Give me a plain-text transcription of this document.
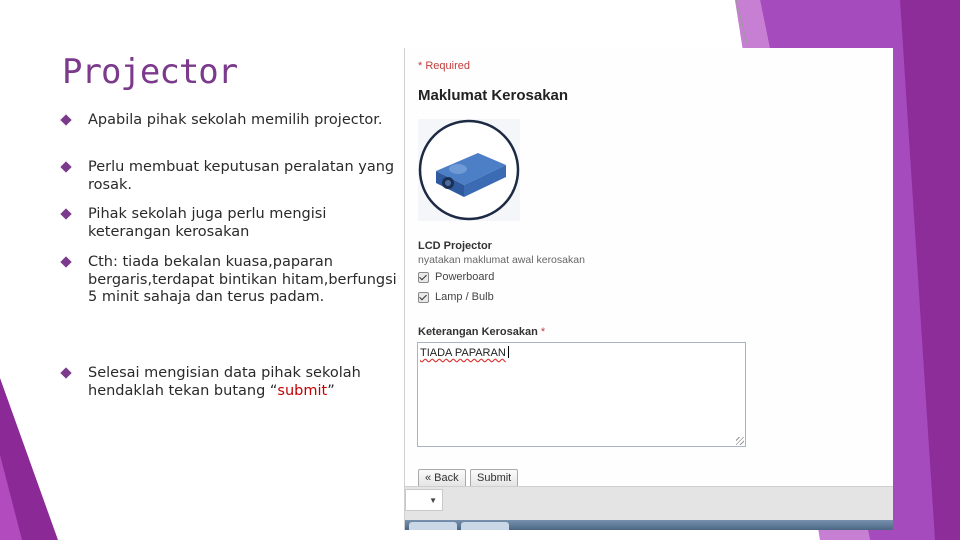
Projector
Apabila pihak sekolah memilih projector.
Perlu membuat keputusan peralatan yang rosak.
Pihak sekolah juga perlu mengisi keterangan kerosakan
Cth: tiada bekalan kuasa,paparan bergaris,terdapat bintikan hitam,berfungsi 5 minit sahaja dan terus padam.
Selesai mengisian data pihak sekolah hendaklah tekan butang “submit”
* Required
Maklumat Kerosakan
LCD Projector
nyatakan maklumat awal kerosakan
Powerboard
Lamp / Bulb
Keterangan Kerosakan *
TIADA PAPARAN
« Back	Submit
▼
